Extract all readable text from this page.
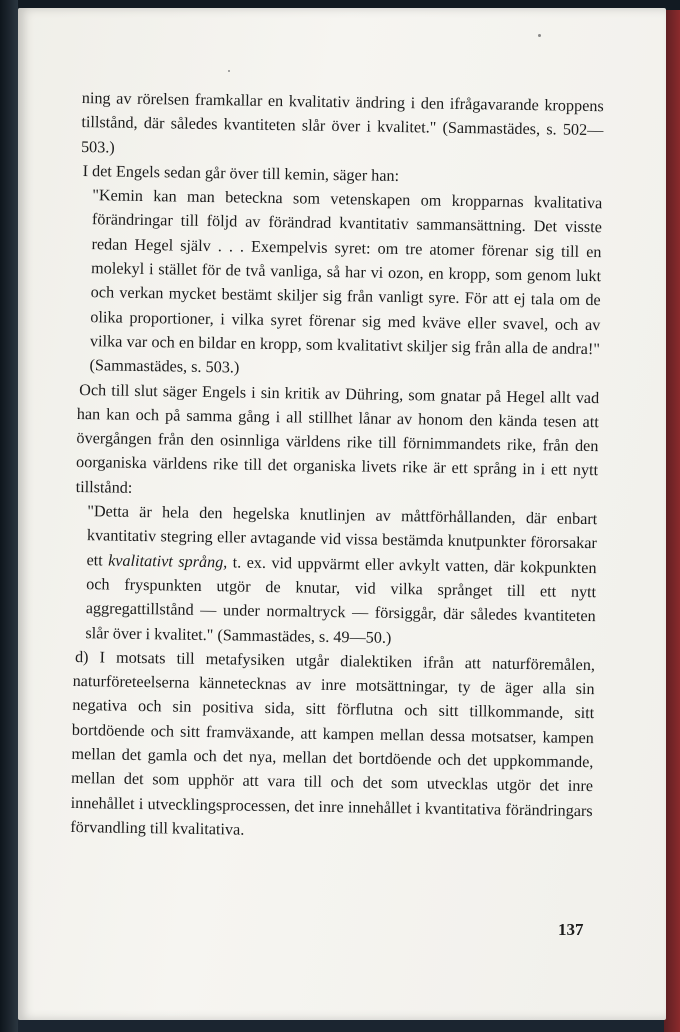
ning av rörelsen framkallar en kvalitativ ändring i den ifrågavarande kroppens tillstånd, där således kvantiteten slår över i kvalitet." (Sammastädes, s. 502—503.)

I det Engels sedan går över till kemin, säger han:

"Kemin kan man beteckna som vetenskapen om kropparnas kvalitativa förändringar till följd av förändrad kvantitativ sammansättning. Det visste redan Hegel själv . . . Exempelvis syret: om tre atomer förenar sig till en molekyl i stället för de två vanliga, så har vi ozon, en kropp, som genom lukt och verkan mycket bestämt skiljer sig från vanligt syre. För att ej tala om de olika proportioner, i vilka syret förenar sig med kväve eller svavel, och av vilka var och en bildar en kropp, som kvalitativt skiljer sig från alla de andra!" (Sammastädes, s. 503.)

Och till slut säger Engels i sin kritik av Dühring, som gnatar på Hegel allt vad han kan och på samma gång i all stillhet lånar av honom den kända tesen att övergången från den osinnliga världens rike till förnimmandets rike, från den oorganiska världens rike till det organiska livets rike är ett språng in i ett nytt tillstånd:

"Detta är hela den hegelska knutlinjen av måttförhållanden, där enbart kvantitativ stegring eller avtagande vid vissa bestämda knutpunkter förorsakar ett kvalitativt språng, t. ex. vid uppvärmt eller avkylt vatten, där kokpunkten och fryspunkten utgör de knutar, vid vilka språnget till ett nytt aggregattillstånd — under normaltryck — försiggår, där således kvantiteten slår över i kvalitet." (Sammastädes, s. 49—50.)

d) I motsats till metafysiken utgår dialektiken ifrån att naturföremålen, naturföreteelserna kännetecknas av inre motsättningar, ty de äger alla sin negativa och sin positiva sida, sitt förflutna och sitt tillkommande, sitt bortdöende och sitt framväxande, att kampen mellan dessa motsatser, kampen mellan det gamla och det nya, mellan det bortdöende och det uppkommande, mellan det som upphör att vara till och det som utvecklas utgör det inre innehållet i utvecklingsprocessen, det inre innehållet i kvantitativa förändringars förvandling till kvalitativa.

137
